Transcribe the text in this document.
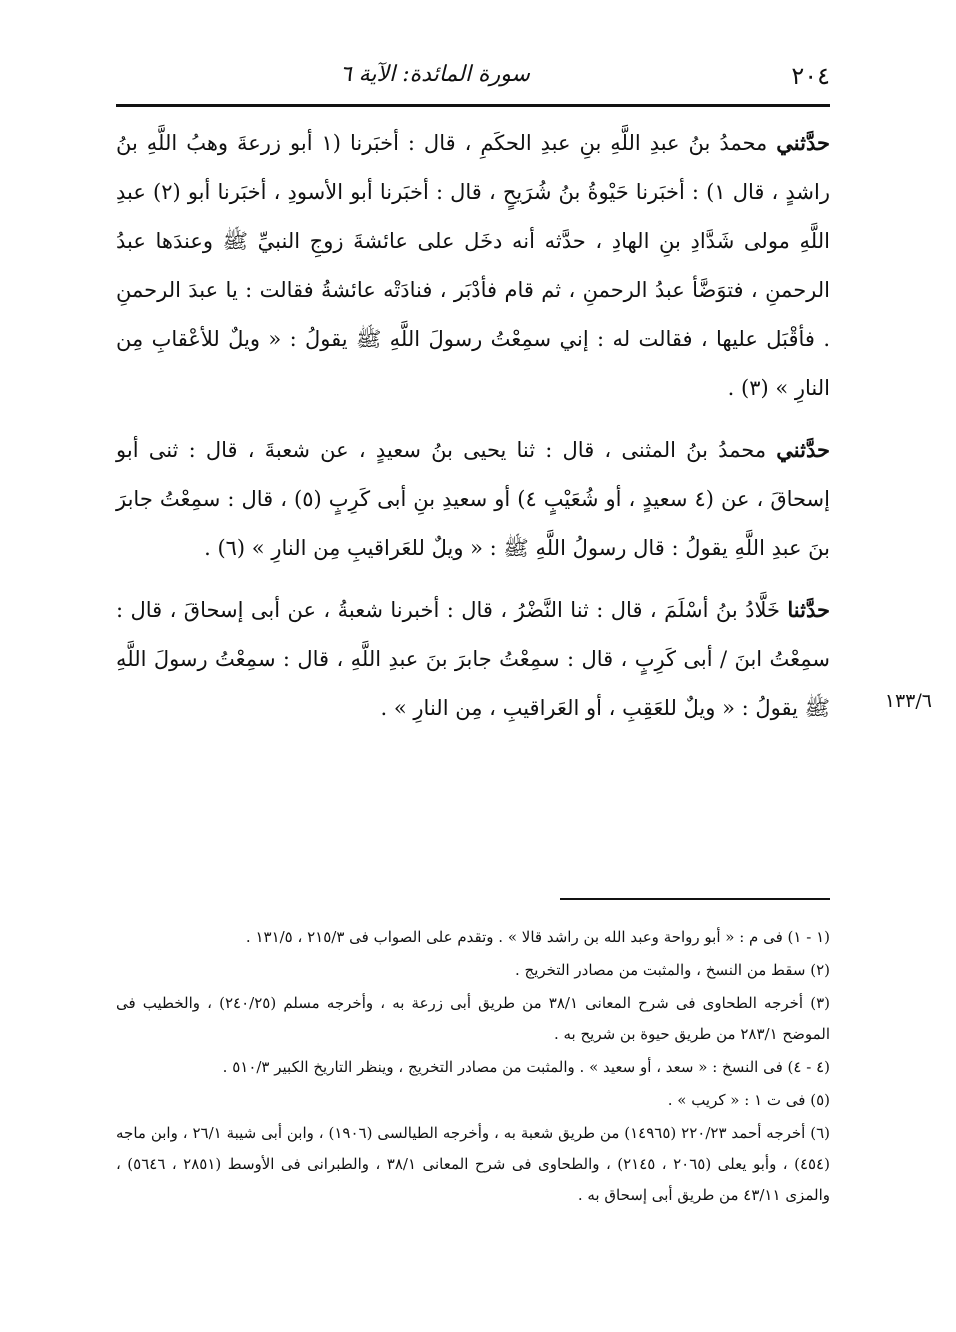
٢٠٤
سورة المائدة: الآية ٦

حدَّثني محمدُ بنُ عبدِ اللَّهِ بنِ عبدِ الحكَمِ ، قال : أخبَرنا (١ أبو زرعةَ وهبُ اللَّهِ بنُ راشدٍ ، قال ١) : أخبَرنا حَيْوةُ بنُ شُرَيحٍ ، قال : أخبَرنا أبو الأسودِ ، أخبَرنا أبو (٢) عبدِ اللَّهِ مولى شَدَّادِ بنِ الهادِ ، حدَّثه أنه دخَل على عائشةَ زوجِ النبيِّ ﷺ وعندَها عبدُ الرحمنِ ، فتوَضَّأ عبدُ الرحمنِ ، ثم قام فأدْبَر ، فنادَتْه عائشةُ فقالت : يا عبدَ الرحمنِ . فأقْبَل عليها ، فقالت له : إني سمِعْتُ رسولَ اللَّهِ ﷺ يقولُ : « ويلٌ للأعْقابِ مِن النارِ » (٣) .

حدَّثني محمدُ بنُ المثنى ، قال : ثنا يحيى بنُ سعيدٍ ، عن شعبةَ ، قال : ثنى أبو إسحاقَ ، عن (٤ سعيدٍ ، أو شُعَيْبٍ ٤) أو سعيدِ بنِ أبى كَرِبٍ (٥) ، قال : سمِعْتُ جابرَ بنَ عبدِ اللَّهِ يقولُ : قال رسولُ اللَّهِ ﷺ : « ويلٌ للعَراقيبِ مِن النارِ » (٦) .

حدَّثنا خَلَّادُ بنُ أسْلَمَ ، قال : ثنا النَّضْرُ ، قال : أخبرنا شعبةُ ، عن أبى إسحاقَ ، قال : سمِعْتُ ابنَ / أبى كَرِبٍ ، قال : سمِعْتُ جابرَ بنَ عبدِ اللَّهِ ، قال : سمِعْتُ رسولَ اللَّهِ ﷺ يقولُ : « ويلٌ للعَقِبِ ، أو العَراقيبِ ، مِن النارِ » .	١٣٣/٦

(١ - ١) فى م : « أبو رواحة وعبد الله بن راشد قالا » . وتقدم على الصواب فى ٢١٥/٣ ، ١٣١/٥ .

(٢) سقط من النسخ ، والمثبت من مصادر التخريج .

(٣) أخرجه الطحاوى فى شرح المعانى ٣٨/١ من طريق أبى زرعة به ، وأخرجه مسلم (٢٤٠/٢٥) ، والخطيب فى الموضح ٢٨٣/١ من طريق حيوة بن شريح به .

(٤ - ٤) فى النسخ : « سعد ، أو سعيد » . والمثبت من مصادر التخريج ، وينظر التاريخ الكبير ٥١٠/٣ .

(٥) فى ت ١ : « كريب » .

(٦) أخرجه أحمد ٢٢٠/٢٣ (١٤٩٦٥) من طريق شعبة به ، وأخرجه الطيالسى (١٩٠٦) ، وابن أبى شيبة ٢٦/١ ، وابن ماجه (٤٥٤) ، وأبو يعلى (٢٠٦٥ ، ٢١٤٥) ، والطحاوى فى شرح المعانى ٣٨/١ ، والطبرانى فى الأوسط (٢٨٥١ ، ٥٦٤٦) ، والمزى ٤٣/١١ من طريق أبى إسحاق به .
